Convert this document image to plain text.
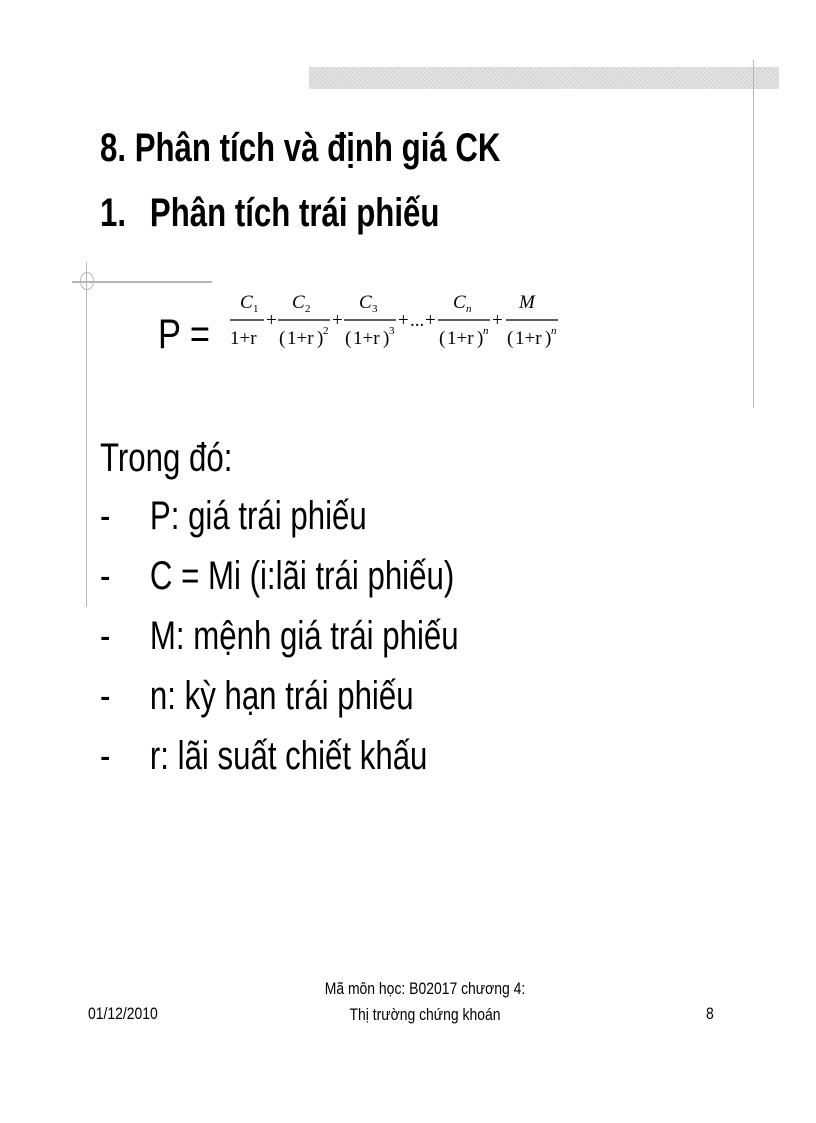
8. Phân tích và định giá CK
1. Phân tích trái phiếu
P =
C 1
1+r
+
C 2
( 1+r ) 2 +
C 3
( 1+r ) 3 + ... +
C n
( 1+r ) n +
M
( 1+r ) n
Trong đó:
- P: giá trái phiếu
- C = Mi (i:lãi trái phiếu)
- M: mệnh giá trái phiếu
- n: kỳ hạn trái phiếu
- r: lãi suất chiết khấu
01/12/2010
Mã môn học: B02017 chương 4:
Thị trường chứng khoán	8
